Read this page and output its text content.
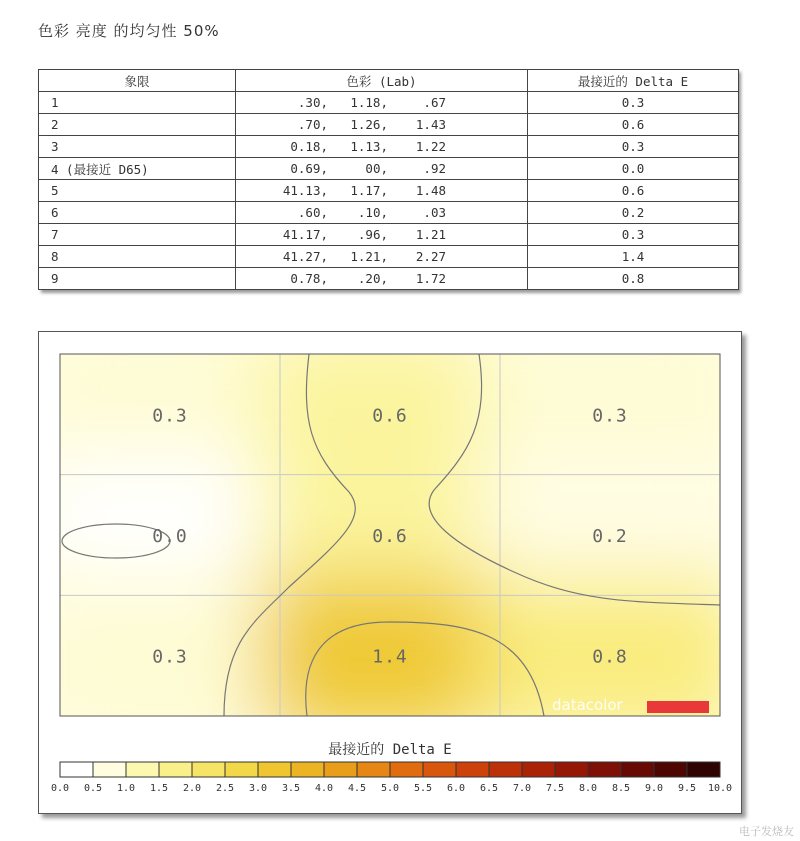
色彩 亮度 的均匀性 50%
象限	色彩 (Lab)	最接近的 Delta E
1	.30, 1.18, .67	0.3
2	.70, 1.26, 1.43	0.6
3	0.18, 1.13, 1.22	0.3
4 (最接近 D65)	0.69, 00, .92	0.0
5	41.13, 1.17, 1.48	0.6
6	.60, .10, .03	0.2
7	41.17, .96, 1.21	0.3
8	41.27, 1.21, 2.27	1.4
9	0.78, .20, 1.72	0.8
0.3	0.6	0.3
0.0	0.6	0.2
0.3	1.4	0.8
datacolor
最接近的 Delta E
0.0 0.5 1.0 1.5 2.0 2.5 3.0 3.5 4.0 4.5 5.0 5.5 6.0 6.5 7.0 7.5 8.0 8.5 9.0 9.5 10.0
电子发烧友
